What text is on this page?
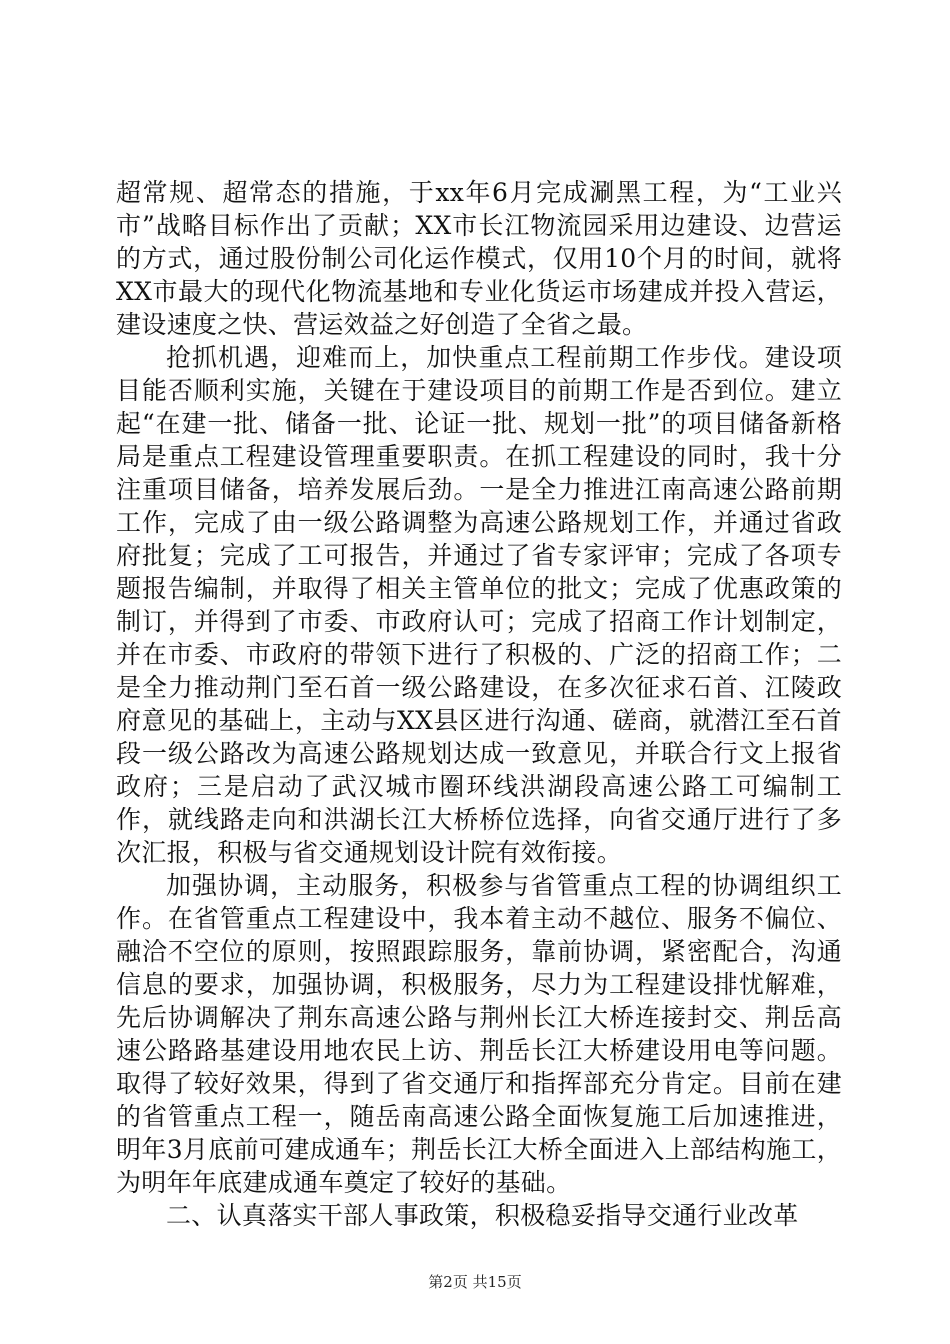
超常规、超常态的措施，于xx年6月完成涮黑工程，为“工业兴市”战略目标作出了贡献；XX市长江物流园采用边建设、边营运的方式，通过股份制公司化运作模式，仅用10个月的时间，就将XX市最大的现代化物流基地和专业化货运市场建成并投入营运，建设速度之快、营运效益之好创造了全省之最。

抢抓机遇，迎难而上，加快重点工程前期工作步伐。建设项目能否顺利实施，关键在于建设项目的前期工作是否到位。建立起“在建一批、储备一批、论证一批、规划一批”的项目储备新格局是重点工程建设管理重要职责。在抓工程建设的同时，我十分注重项目储备，培养发展后劲。一是全力推进江南高速公路前期工作，完成了由一级公路调整为高速公路规划工作，并通过省政府批复；完成了工可报告，并通过了省专家评审；完成了各项专题报告编制，并取得了相关主管单位的批文；完成了优惠政策的制订，并得到了市委、市政府认可；完成了招商工作计划制定，并在市委、市政府的带领下进行了积极的、广泛的招商工作；二是全力推动荆门至石首一级公路建设，在多次征求石首、江陵政府意见的基础上，主动与XX县区进行沟通、磋商，就潜江至石首段一级公路改为高速公路规划达成一致意见，并联合行文上报省政府；三是启动了武汉城市圈环线洪湖段高速公路工可编制工作，就线路走向和洪湖长江大桥桥位选择，向省交通厅进行了多次汇报，积极与省交通规划设计院有效衔接。

加强协调，主动服务，积极参与省管重点工程的协调组织工作。在省管重点工程建设中，我本着主动不越位、服务不偏位、融洽不空位的原则，按照跟踪服务，靠前协调，紧密配合，沟通信息的要求，加强协调，积极服务，尽力为工程建设排忧解难，先后协调解决了荆东高速公路与荆州长江大桥连接封交、荆岳高速公路路基建设用地农民上访、荆岳长江大桥建设用电等问题。取得了较好效果，得到了省交通厅和指挥部充分肯定。目前在建的省管重点工程一，随岳南高速公路全面恢复施工后加速推进，明年3月底前可建成通车；荆岳长江大桥全面进入上部结构施工，为明年年底建成通车奠定了较好的基础。

二、认真落实干部人事政策，积极稳妥指导交通行业改革

第2页 共15页
